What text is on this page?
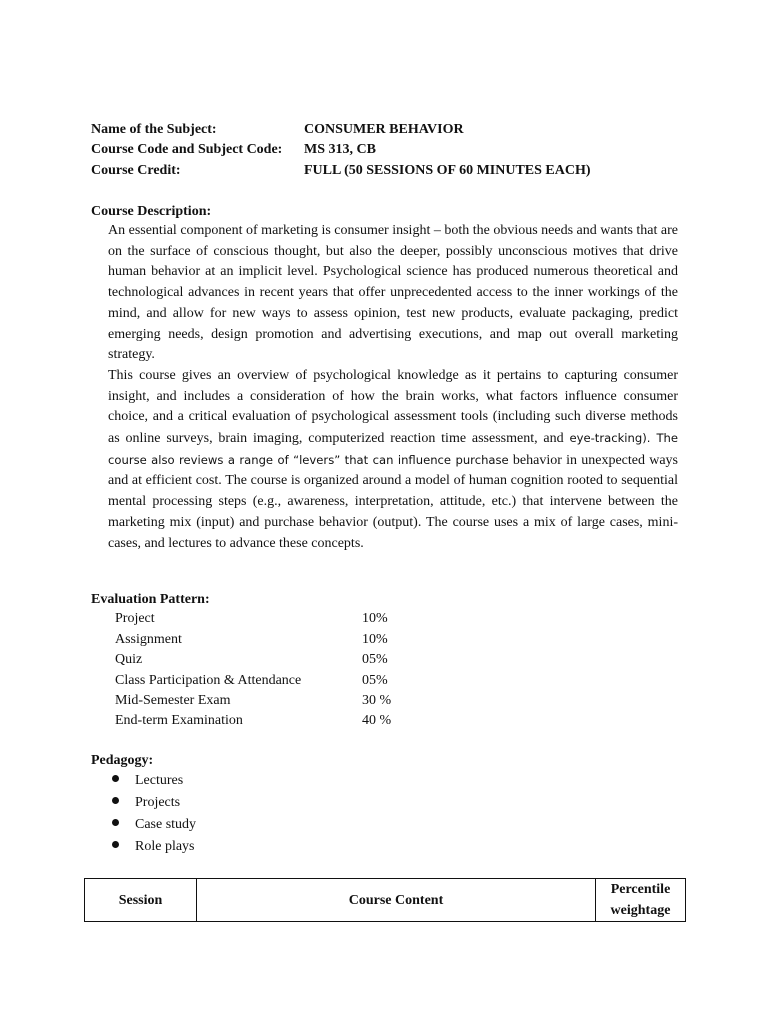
Name of the Subject:	CONSUMER BEHAVIOR
Course Code and Subject Code: MS 313, CB
Course Credit:	FULL (50 SESSIONS OF 60 MINUTES EACH)
Course Description:

An essential component of marketing is consumer insight – both the obvious needs and wants that are on the surface of conscious thought, but also the deeper, possibly unconscious motives that drive human behavior at an implicit level. Psychological science has produced numerous theoretical and technological advances in recent years that offer unprecedented access to the inner workings of the mind, and allow for new ways to assess opinion, test new products, evaluate packaging, predict emerging needs, design promotion and advertising executions, and map out overall marketing strategy.

This course gives an overview of psychological knowledge as it pertains to capturing consumer insight, and includes a consideration of how the brain works, what factors influence consumer choice, and a critical evaluation of psychological assessment tools (including such diverse methods as online surveys, brain imaging, computerized reaction time assessment, and eye-tracking). The course also reviews a range of “levers” that can influence purchase behavior in unexpected ways and at efficient cost. The course is organized around a model of human cognition rooted to sequential mental processing steps (e.g., awareness, interpretation, attitude, etc.) that intervene between the marketing mix (input) and purchase behavior (output). The course uses a mix of large cases, mini-cases, and lectures to advance these concepts.

Evaluation Pattern:
Project	10%
Assignment	10%
Quiz	05%
Class Participation & Attendance	05%
Mid-Semester Exam	30 %
End-term Examination	40 %
Pedagogy:
Lectures
Projects
Case study
Role plays
Session	Course Content	Percentile
weightage
